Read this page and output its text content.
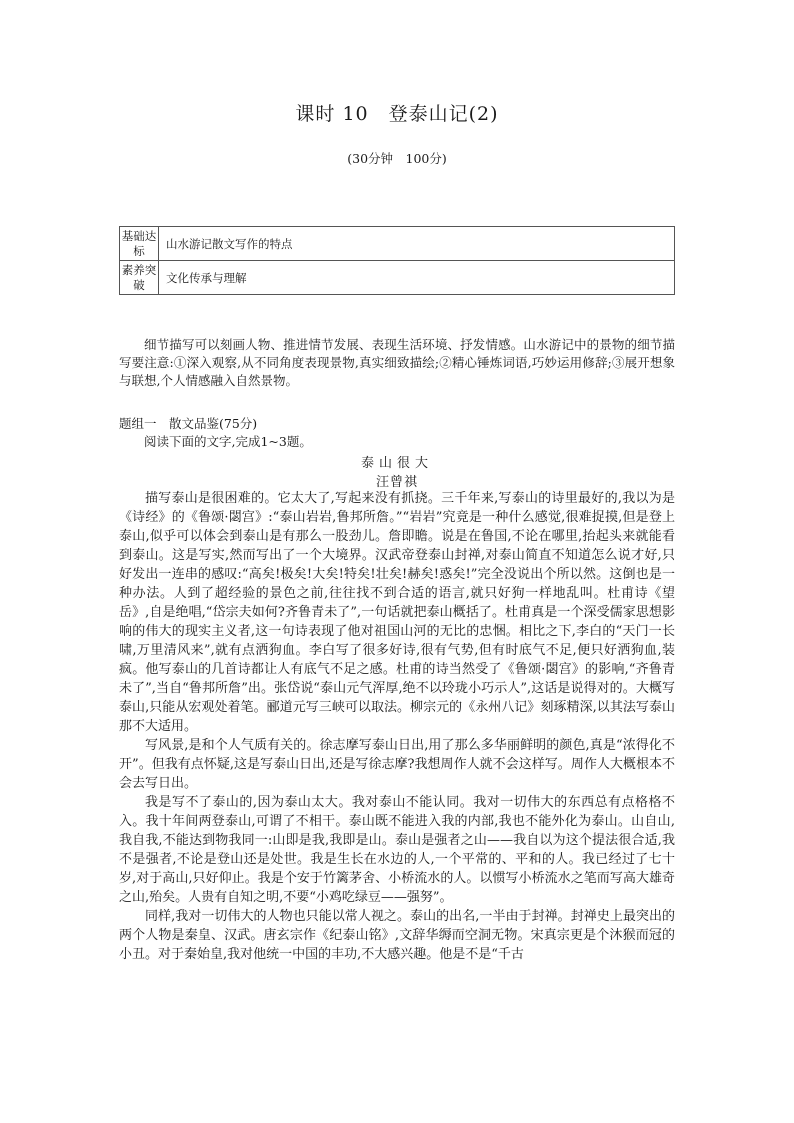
课时 10　登泰山记(2)
(30分钟　100分)
基础达标	山水游记散文写作的特点
素养突破	文化传承与理解

细节描写可以刻画人物、推进情节发展、表现生活环境、抒发情感。山水游记中的景物的细节描写要注意:①深入观察,从不同角度表现景物,真实细致描绘;②精心锤炼词语,巧妙运用修辞;③展开想象与联想,个人情感融入自然景物。

题组一　散文品鉴(75分)

阅读下面的文字,完成1~3题。

泰山很大

汪曾祺

描写泰山是很困难的。它太大了,写起来没有抓挠。三千年来,写泰山的诗里最好的,我以为是《诗经》的《鲁颂·閟宫》:“泰山岩岩,鲁邦所詹。”“岩岩”究竟是一种什么感觉,很难捉摸,但是登上泰山,似乎可以体会到泰山是有那么一股劲儿。詹即瞻。说是在鲁国,不论在哪里,抬起头来就能看到泰山。这是写实,然而写出了一个大境界。汉武帝登泰山封禅,对泰山简直不知道怎么说才好,只好发出一连串的感叹:“高矣!极矣!大矣!特矣!壮矣!赫矣!惑矣!”完全没说出个所以然。这倒也是一种办法。人到了超经验的景色之前,往往找不到合适的语言,就只好狗一样地乱叫。杜甫诗《望岳》,自是绝唱,“岱宗夫如何?齐鲁青未了”,一句话就把泰山概括了。杜甫真是一个深受儒家思想影响的伟大的现实主义者,这一句诗表现了他对祖国山河的无比的忠悃。相比之下,李白的“天门一长啸,万里清风来”,就有点洒狗血。李白写了很多好诗,很有气势,但有时底气不足,便只好洒狗血,装疯。他写泰山的几首诗都让人有底气不足之感。杜甫的诗当然受了《鲁颂·閟宫》的影响,“齐鲁青未了”,当自“鲁邦所詹”出。张岱说“泰山元气浑厚,绝不以玲珑小巧示人”,这话是说得对的。大概写泰山,只能从宏观处着笔。郦道元写三峡可以取法。柳宗元的《永州八记》刻琢精深,以其法写泰山那不大适用。

写风景,是和个人气质有关的。徐志摩写泰山日出,用了那么多华丽鲜明的颜色,真是“浓得化不开”。但我有点怀疑,这是写泰山日出,还是写徐志摩?我想周作人就不会这样写。周作人大概根本不会去写日出。

我是写不了泰山的,因为泰山太大。我对泰山不能认同。我对一切伟大的东西总有点格格不入。我十年间两登泰山,可谓了不相干。泰山既不能进入我的内部,我也不能外化为泰山。山自山,我自我,不能达到物我同一:山即是我,我即是山。泰山是强者之山——我自以为这个提法很合适,我不是强者,不论是登山还是处世。我是生长在水边的人,一个平常的、平和的人。我已经过了七十岁,对于高山,只好仰止。我是个安于竹篱茅舍、小桥流水的人。以惯写小桥流水之笔而写高大雄奇之山,殆矣。人贵有自知之明,不要“小鸡吃绿豆——强努”。

同样,我对一切伟大的人物也只能以常人视之。泰山的出名,一半由于封禅。封禅史上最突出的两个人物是秦皇、汉武。唐玄宗作《纪泰山铭》,文辞华缛而空洞无物。宋真宗更是个沐猴而冠的小丑。对于秦始皇,我对他统一中国的丰功,不大感兴趣。他是不是“千古
